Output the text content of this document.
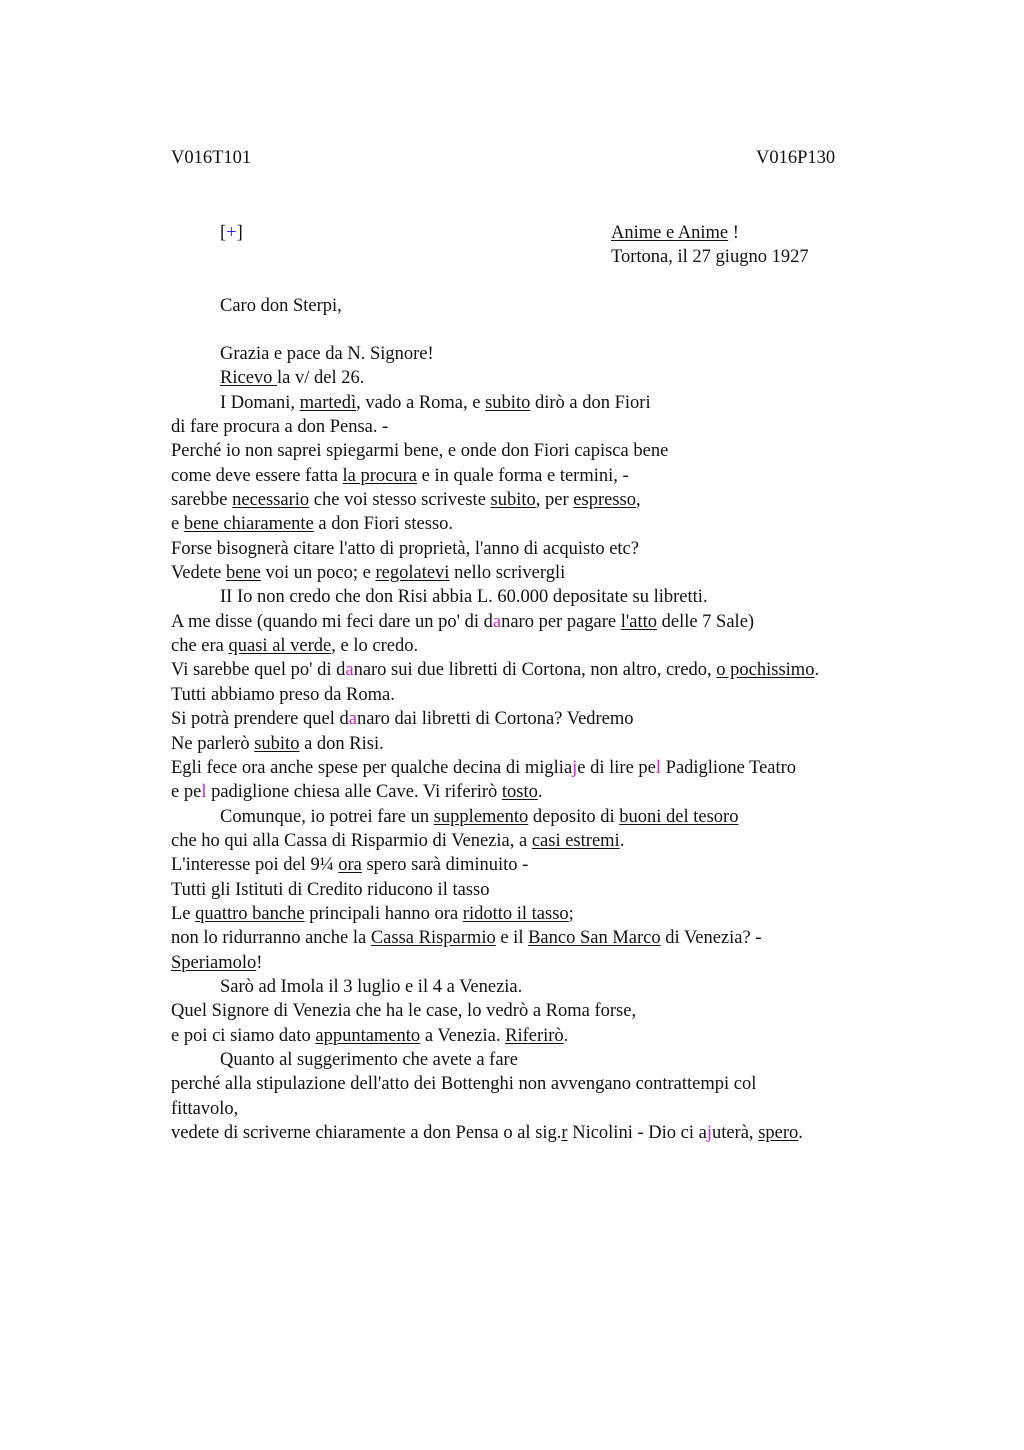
V016T101	V016P130
[+]	Anime e Anime !
Tortona, il 27 giugno 1927
Caro don Sterpi,
Grazia e pace da N. Signore!
Ricevo la v/ del 26.
I Domani, martedì, vado a Roma, e subito dirò a don Fiori
di fare procura a don Pensa. -
Perché io non saprei spiegarmi bene, e onde don Fiori capisca bene
come deve essere fatta la procura e in quale forma e termini, -
sarebbe necessario che voi stesso scriveste subito, per espresso,
e bene chiaramente a don Fiori stesso.
Forse bisognerà citare l'atto di proprietà, l'anno di acquisto etc?
Vedete bene voi un poco; e regolatevi nello scrivergli
II Io non credo che don Risi abbia L. 60.000 depositate su libretti.
A me disse (quando mi feci dare un po' di danaro per pagare l'atto delle 7 Sale)
che era quasi al verde, e lo credo.
Vi sarebbe quel po' di danaro sui due libretti di Cortona, non altro, credo, o pochissimo.
Tutti abbiamo preso da Roma.
Si potrà prendere quel danaro dai libretti di Cortona? Vedremo
Ne parlerò subito a don Risi.
Egli fece ora anche spese per qualche decina di migliaje di lire pel Padiglione Teatro
e pel padiglione chiesa alle Cave. Vi riferirò tosto.
Comunque, io potrei fare un supplemento deposito di buoni del tesoro
che ho qui alla Cassa di Risparmio di Venezia, a casi estremi.
L'interesse poi del 9¼ ora spero sarà diminuito -
Tutti gli Istituti di Credito riducono il tasso
Le quattro banche principali hanno ora ridotto il tasso;
non lo ridurranno anche la Cassa Risparmio e il Banco San Marco di Venezia? -
Speriamolo!
Sarò ad Imola il 3 luglio e il 4 a Venezia.
Quel Signore di Venezia che ha le case, lo vedrò a Roma forse,
e poi ci siamo dato appuntamento a Venezia. Riferirò.
Quanto al suggerimento che avete a fare
perché alla stipulazione dell'atto dei Bottenghi non avvengano contrattempi col
fittavolo,
vedete di scriverne chiaramente a don Pensa o al sig.r Nicolini - Dio ci ajuterà, spero.
